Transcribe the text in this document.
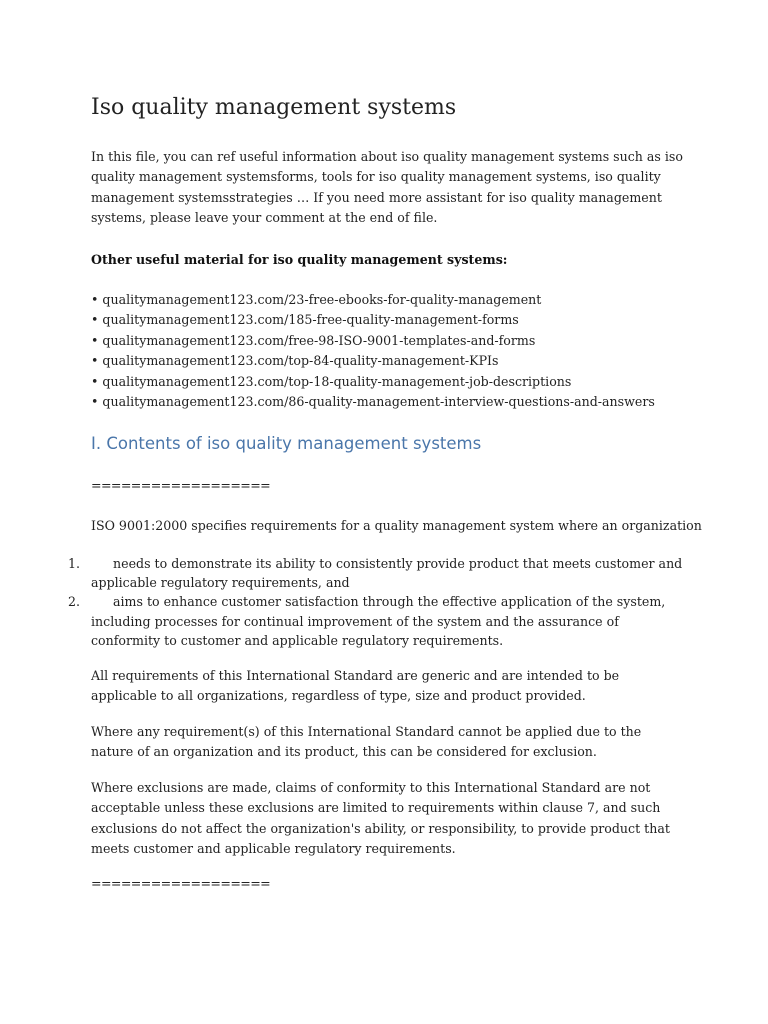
Iso quality management systems

In this file, you can ref useful information about iso quality management systems such as iso quality management systemsforms, tools for iso quality management systems, iso quality management systemsstrategies … If you need more assistant for iso quality management systems, please leave your comment at the end of file.

Other useful material for iso quality management systems:

• qualitymanagement123.com/23-free-ebooks-for-quality-management
• qualitymanagement123.com/185-free-quality-management-forms
• qualitymanagement123.com/free-98-ISO-9001-templates-and-forms
• qualitymanagement123.com/top-84-quality-management-KPIs
• qualitymanagement123.com/top-18-quality-management-job-descriptions
• qualitymanagement123.com/86-quality-management-interview-questions-and-answers
I. Contents of iso quality management systems

==================

ISO 9001:2000 specifies requirements for a quality management system where an organization

1.	needs to demonstrate its ability to consistently provide product that meets customer and applicable regulatory requirements, and
2.	aims to enhance customer satisfaction through the effective application of the system, including processes for continual improvement of the system and the assurance of conformity to customer and applicable regulatory requirements.

All requirements of this International Standard are generic and are intended to be applicable to all organizations, regardless of type, size and product provided.

Where any requirement(s) of this International Standard cannot be applied due to the nature of an organization and its product, this can be considered for exclusion.

Where exclusions are made, claims of conformity to this International Standard are not acceptable unless these exclusions are limited to requirements within clause 7, and such exclusions do not affect the organization's ability, or responsibility, to provide product that meets customer and applicable regulatory requirements.

==================
